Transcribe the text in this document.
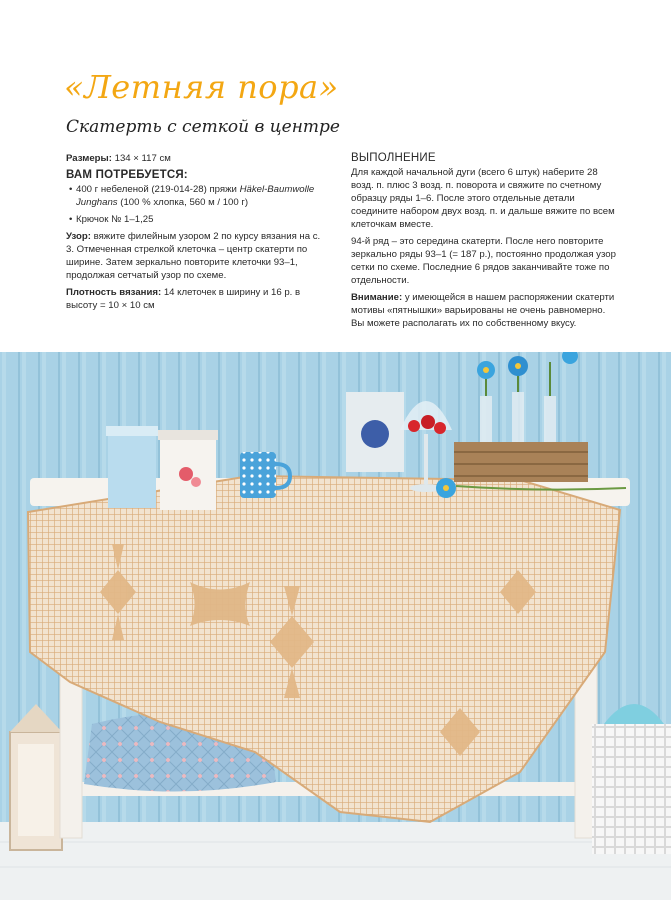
«Летняя пора»
Скатерть с сеткой в центре

Размеры: 134 × 117 см

ВАМ ПОТРЕБУЕТСЯ:

• 400 г небеленой (219-014-28) пряжи Häkel-Baumwolle Junghans (100 % хлопка, 560 м / 100 г)

• Крючок № 1–1,25

Узор: вяжите филейным узором 2 по курсу вязания на с. 3. Отмеченная стрелкой клеточка – центр скатерти по ширине. Затем зеркально повторите клеточки 93–1, продолжая сетчатый узор по схеме.

Плотность вязания: 14 клеточек в ширину и 16 р. в высоту = 10 × 10 см

ВЫПОЛНЕНИЕ

Для каждой начальной дуги (всего 6 штук) наберите 28 возд. п. плюс 3 возд. п. поворота и свяжите по счетному образцу ряды 1–6. После этого отдельные детали соедините набором двух возд. п. и дальше вяжите по всем клеточкам вместе.

94-й ряд – это середина скатерти. После него повторите зеркально ряды 93–1 (= 187 р.), постоянно продолжая узор сетки по схеме. Последние 6 рядов заканчивайте тоже по отдельности.

Внимание: у имеющейся в нашем распоряжении скатерти мотивы «пятнышки» варьированы не очень равномерно. Вы можете располагать их по собственному вкусу.
